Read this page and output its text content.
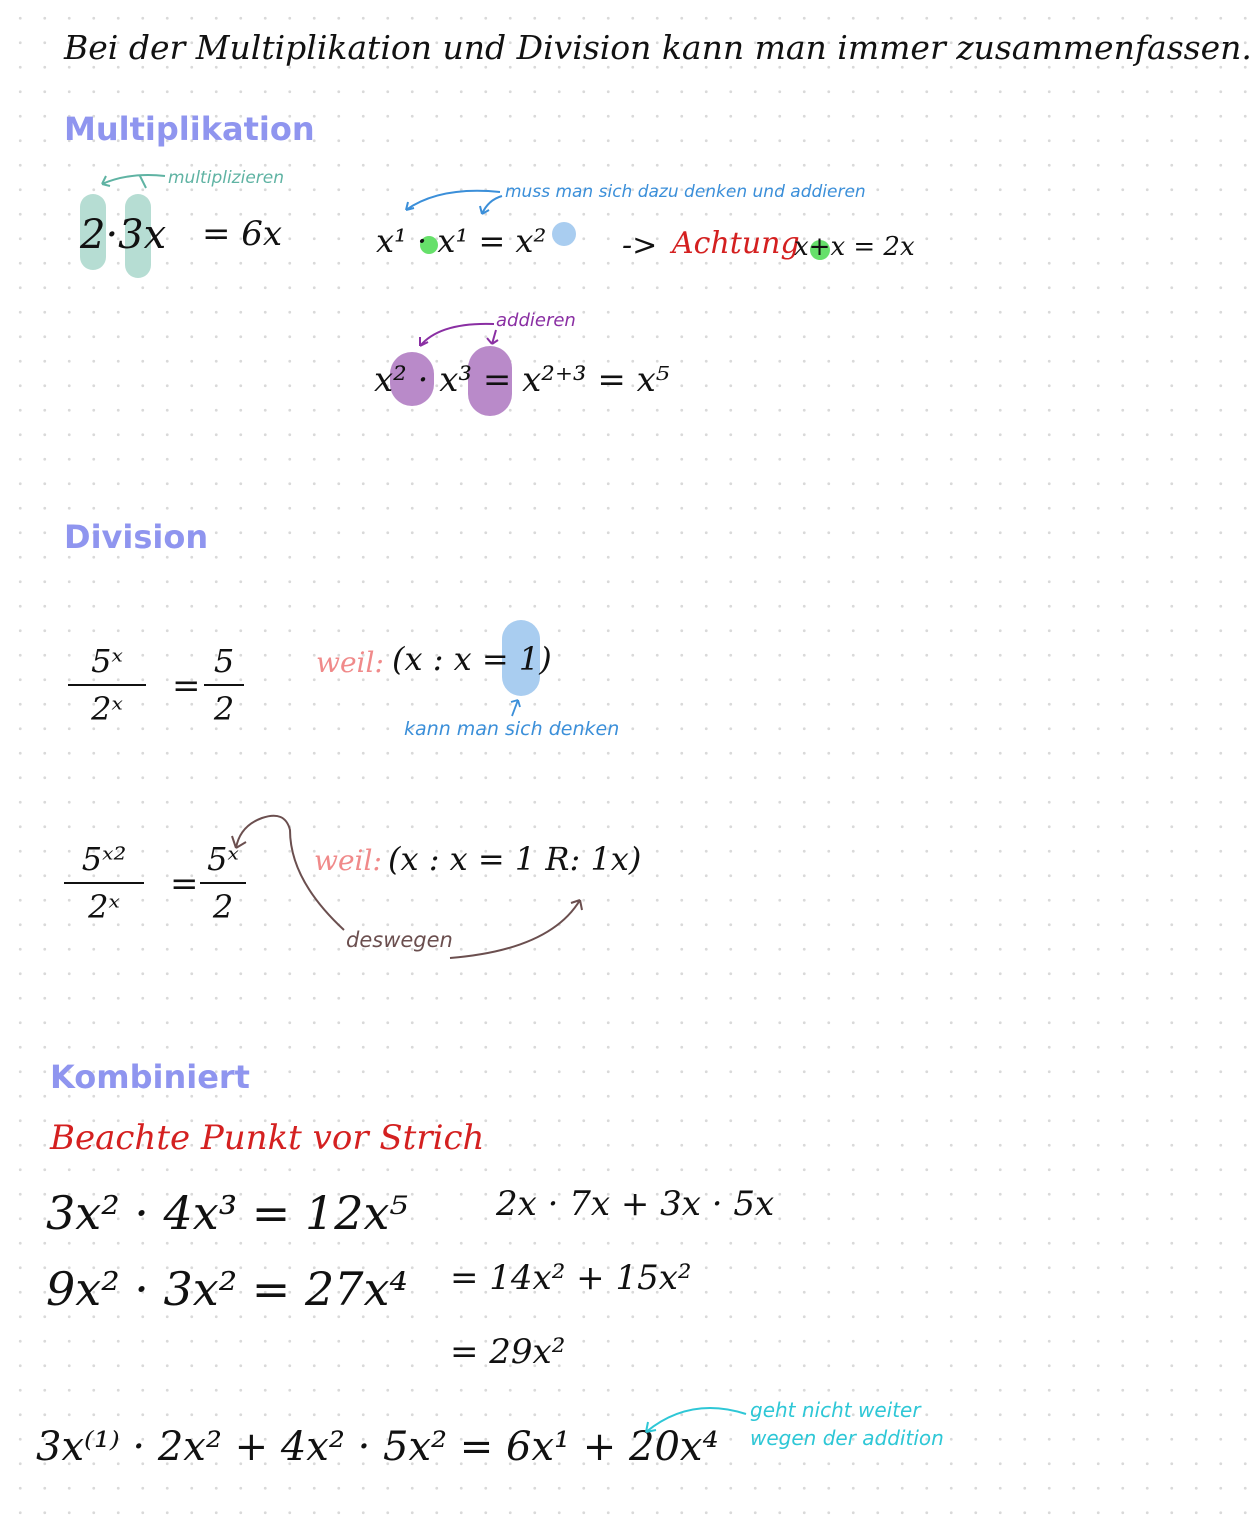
Bei der Multiplikation und Division kann man immer zusammenfassen.
Multiplikation
multiplizieren
2·3x = 6x
muss man sich dazu denken und addieren
x¹ · x¹ = x²	-> Achtung
x+x = 2x
addieren
x² · x³ = x²⁺³ = x⁵
Division
5ˣ
2ˣ
=
5
2
weil: (x : x = 1)
kann man sich denken
5ˣ²
2ˣ
=
5ˣ
2
weil: (x : x = 1 R: 1x)
deswegen
Kombiniert
Beachte Punkt vor Strich
3x² · 4x³ = 12x⁵
9x² · 3x² = 27x⁴
2x · 7x + 3x · 5x
= 14x² + 15x²
= 29x²
3x⁽¹⁾ · 2x² + 4x² · 5x² = 6x¹ + 20x⁴
geht nicht weiter wegen der addition
